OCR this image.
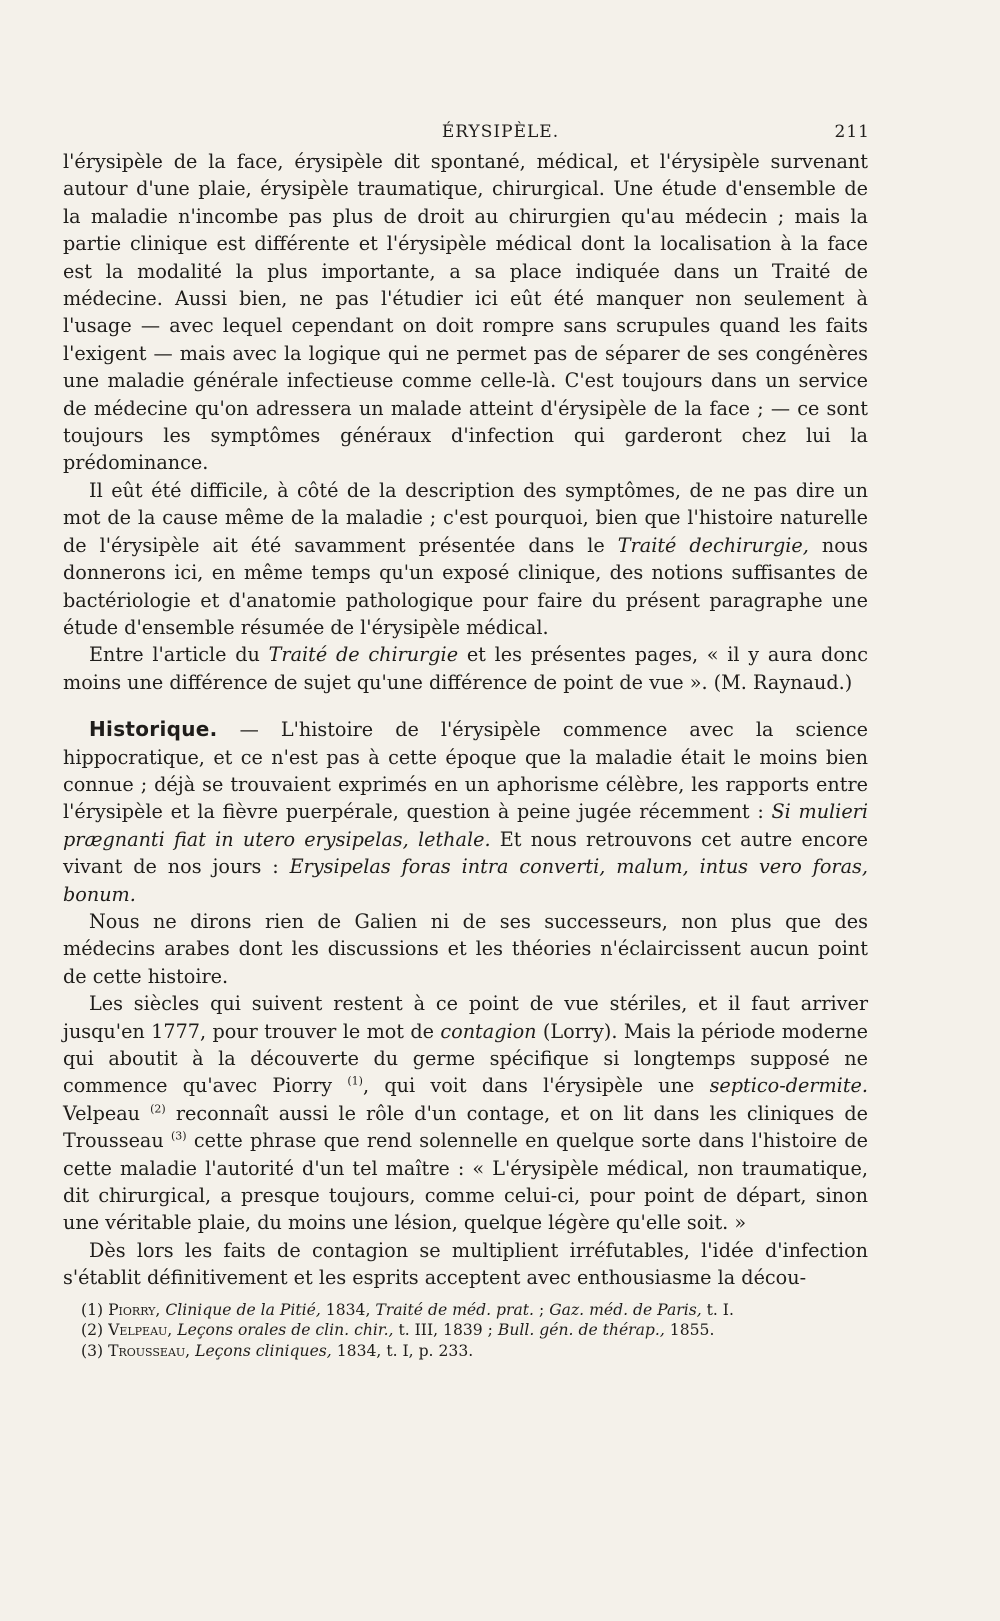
ÉRYSIPÈLE.	211

l'érysipèle de la face, érysipèle dit spontané, médical, et l'érysipèle survenant autour d'une plaie, érysipèle traumatique, chirurgical. Une étude d'ensemble de la maladie n'incombe pas plus de droit au chirurgien qu'au médecin ; mais la partie clinique est différente et l'érysipèle médical dont la localisation à la face est la modalité la plus importante, a sa place indiquée dans un Traité de médecine. Aussi bien, ne pas l'étudier ici eût été manquer non seulement à l'usage — avec lequel cependant on doit rompre sans scrupules quand les faits l'exigent — mais avec la logique qui ne permet pas de séparer de ses congénères une maladie générale infectieuse comme celle-là. C'est toujours dans un service de médecine qu'on adressera un malade atteint d'érysipèle de la face ; — ce sont toujours les symptômes généraux d'infection qui garderont chez lui la prédominance.

Il eût été difficile, à côté de la description des symptômes, de ne pas dire un mot de la cause même de la maladie ; c'est pourquoi, bien que l'histoire naturelle de l'érysipèle ait été savamment présentée dans le Traité dechirurgie, nous donnerons ici, en même temps qu'un exposé clinique, des notions suffisantes de bactériologie et d'anatomie pathologique pour faire du présent paragraphe une étude d'ensemble résumée de l'érysipèle médical.

Entre l'article du Traité de chirurgie et les présentes pages, « il y aura donc moins une différence de sujet qu'une différence de point de vue ». (M. Raynaud.)

Historique. — L'histoire de l'érysipèle commence avec la science hippocratique, et ce n'est pas à cette époque que la maladie était le moins bien connue ; déjà se trouvaient exprimés en un aphorisme célèbre, les rapports entre l'érysipèle et la fièvre puerpérale, question à peine jugée récemment : Si mulieri prægnanti fiat in utero erysipelas, lethale. Et nous retrouvons cet autre encore vivant de nos jours : Erysipelas foras intra converti, malum, intus vero foras, bonum.

Nous ne dirons rien de Galien ni de ses successeurs, non plus que des médecins arabes dont les discussions et les théories n'éclaircissent aucun point de cette histoire.

Les siècles qui suivent restent à ce point de vue stériles, et il faut arriver jusqu'en 1777, pour trouver le mot de contagion (Lorry). Mais la période moderne qui aboutit à la découverte du germe spécifique si longtemps supposé ne commence qu'avec Piorry $^{(1)}$, qui voit dans l'érysipèle une septico-dermite. Velpeau $^{(2)}$ reconnaît aussi le rôle d'un contage, et on lit dans les cliniques de Trousseau $^{(3)}$ cette phrase que rend solennelle en quelque sorte dans l'histoire de cette maladie l'autorité d'un tel maître : « L'érysipèle médical, non traumatique, dit chirurgical, a presque toujours, comme celui-ci, pour point de départ, sinon une véritable plaie, du moins une lésion, quelque légère qu'elle soit. »

Dès lors les faits de contagion se multiplient irréfutables, l'idée d'infection s'établit définitivement et les esprits acceptent avec enthousiasme la décou-

(1) Piorry, Clinique de la Pitié, 1834, Traité de méd. prat. ; Gaz. méd. de Paris, t. I.
(2) Velpeau, Leçons orales de clin. chir., t. III, 1839 ; Bull. gén. de thérap., 1855.
(3) Trousseau, Leçons cliniques, 1834, t. I, p. 233.
